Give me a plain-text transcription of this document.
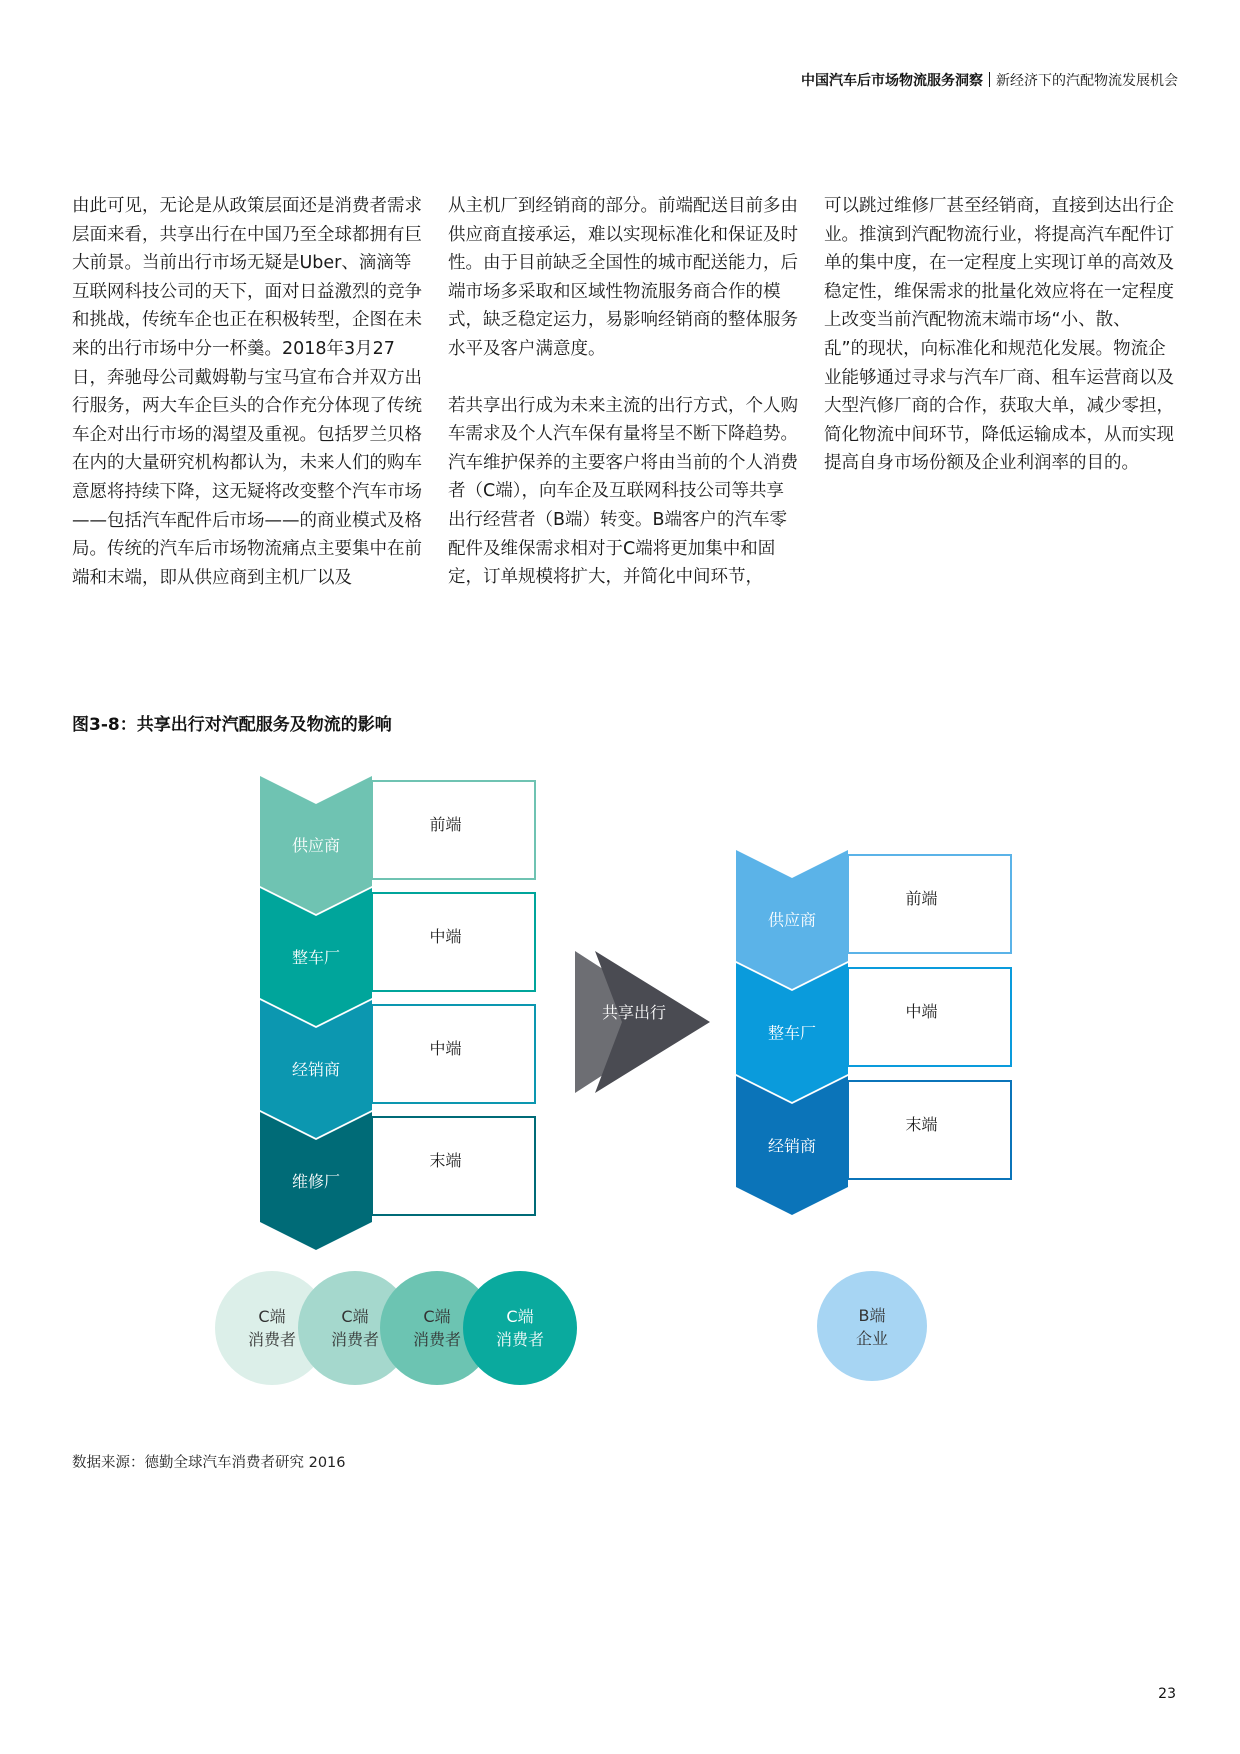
中国汽车后市场物流服务洞察 新经济下的汽配物流发展机会

由此可见，无论是从政策层面还是消费者需求层面来看，共享出行在中国乃至全球都拥有巨大前景。当前出行市场无疑是Uber、滴滴等互联网科技公司的天下，面对日益激烈的竞争和挑战，传统车企也正在积极转型，企图在未来的出行市场中分一杯羹。2018年3月27日，奔驰母公司戴姆勒与宝马宣布合并双方出行服务，两大车企巨头的合作充分体现了传统车企对出行市场的渴望及重视。包括罗兰贝格在内的大量研究机构都认为，未来人们的购车意愿将持续下降，这无疑将改变整个汽车市场——包括汽车配件后市场——的商业模式及格局。传统的汽车后市场物流痛点主要集中在前端和末端，即从供应商到主机厂以及

从主机厂到经销商的部分。前端配送目前多由供应商直接承运，难以实现标准化和保证及时性。由于目前缺乏全国性的城市配送能力，后端市场多采取和区域性物流服务商合作的模式，缺乏稳定运力，易影响经销商的整体服务水平及客户满意度。

若共享出行成为未来主流的出行方式，个人购车需求及个人汽车保有量将呈不断下降趋势。汽车维护保养的主要客户将由当前的个人消费者（C端），向车企及互联网科技公司等共享出行经营者（B端）转变。B端客户的汽车零配件及维保需求相对于C端将更加集中和固定，订单规模将扩大，并简化中间环节，

可以跳过维修厂甚至经销商，直接到达出行企业。推演到汽配物流行业，将提高汽车配件订单的集中度，在一定程度上实现订单的高效及稳定性，维保需求的批量化效应将在一定程度上改变当前汽配物流末端市场“小、散、乱”的现状，向标准化和规范化发展。物流企业能够通过寻求与汽车厂商、租车运营商以及大型汽修厂商的合作，获取大单，减少零担，简化物流中间环节，降低运输成本，从而实现提高自身市场份额及企业利润率的目的。

图3-8：共享出行对汽配服务及物流的影响
供应商
前端
整车厂
中端
经销商
中端
维修厂
末端
供应商
前端
整车厂
中端
经销商
末端
共享出行
C端
消费者
C端
消费者
C端
消费者
C端
消费者
B端
企业
数据来源：德勤全球汽车消费者研究 2016
23
